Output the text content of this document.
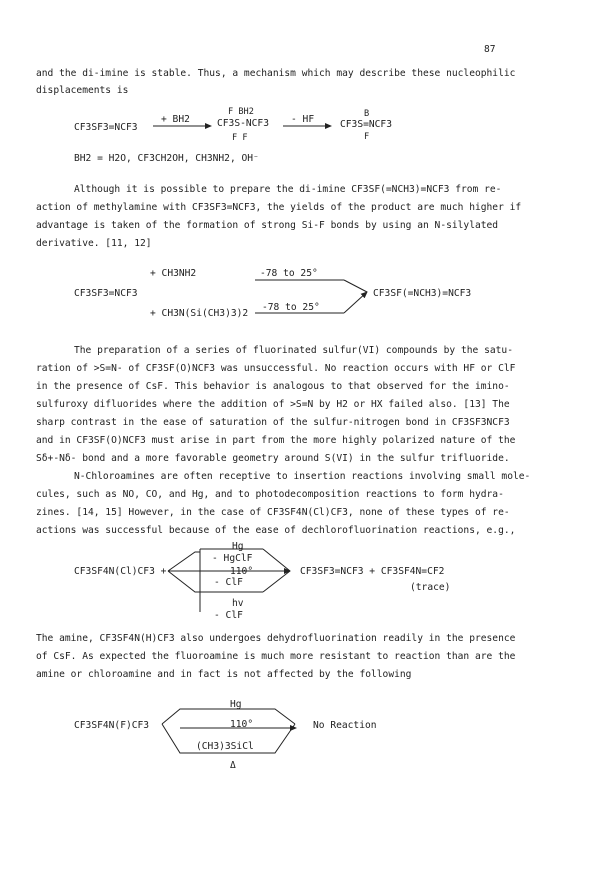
87
and the di-imine is stable. Thus, a mechanism which may describe these nucleophilic
displacements is
CF3SF3=NCF3
+ BH2
F BH2
CF3S-NCF3
F F
- HF	B
CF3S=NCF3
F
BH2 = H2O, CF3CH2OH, CH3NH2, OH⁻
Although it is possible to prepare the di-imine CF3SF(=NCH3)=NCF3 from re-
action of methylamine with CF3SF3=NCF3, the yields of the product are much higher if
advantage is taken of the formation of strong Si-F bonds by using an N-silylated
derivative. [11, 12]
CF3SF3=NCF3
+ CH3NH2	-78 to 25°
+ CH3N(Si(CH3)3)2
-78 to 25°
CF3SF(=NCH3)=NCF3
The preparation of a series of fluorinated sulfur(VI) compounds by the satu-
ration of >S=N- of CF3SF(O)NCF3 was unsuccessful. No reaction occurs with HF or ClF
in the presence of CsF. This behavior is analogous to that observed for the imino-
sulfuroxy difluorides where the addition of >S=N by H2 or HX failed also. [13] The
sharp contrast in the ease of saturation of the sulfur-nitrogen bond in CF3SF3NCF3
and in CF3SF(O)NCF3 must arise in part from the more highly polarized nature of the
Sδ+-Nδ- bond and a more favorable geometry around S(VI) in the sulfur trifluoride.
N-Chloroamines are often receptive to insertion reactions involving small mole-
cules, such as NO, CO, and Hg, and to photodecomposition reactions to form hydra-
zines. [14, 15] However, in the case of CF3SF4N(Cl)CF3, none of these types of re-
actions was successful because of the ease of dechlorofluorination reactions, e.g.,
CF3SF4N(Cl)CF3 +
Hg
- HgClF
110°
- ClF
hv
- ClF
CF3SF3=NCF3 + CF3SF4N=CF2
(trace)
The amine, CF3SF4N(H)CF3 also undergoes dehydrofluorination readily in the presence
of CsF. As expected the fluoroamine is much more resistant to reaction than are the
amine or chloroamine and in fact is not affected by the following
CF3SF4N(F)CF3
Hg
110°
(CH3)3SiCl
Δ
No Reaction
